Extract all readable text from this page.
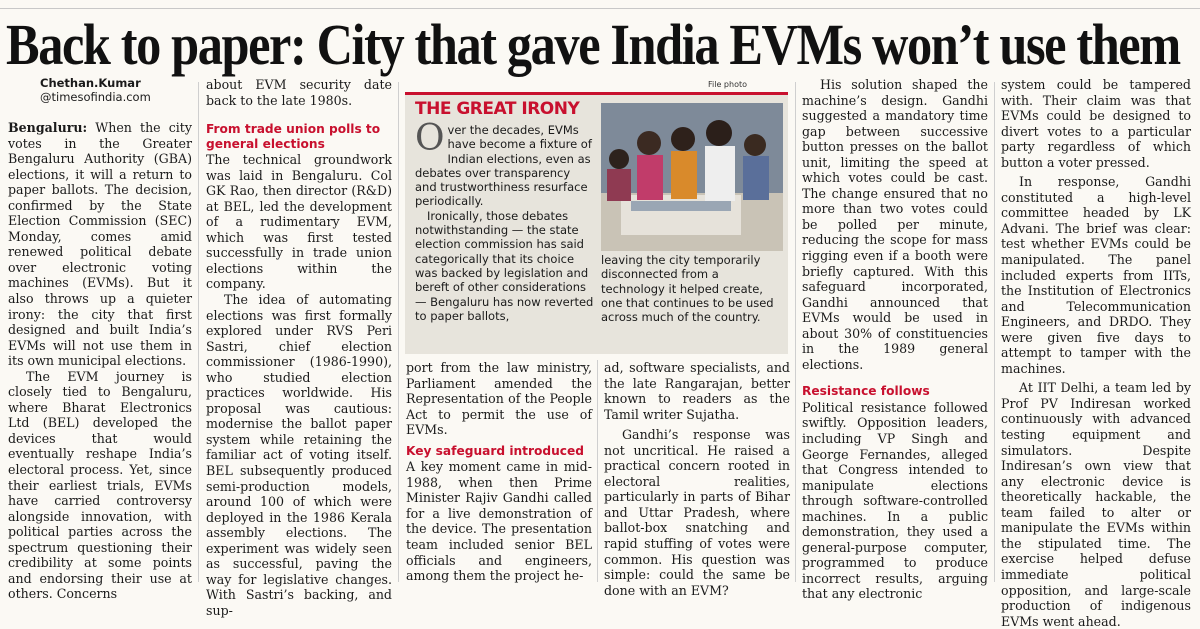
Back to paper: City that gave India EVMs won’t use them
Chethan.Kumar
@timesofindia.com

Bengaluru: When the city votes in the Greater Bengaluru Authority (GBA) elections, it will a return to paper ballots. The decision, confirmed by the State Election Commission (SEC) Monday, comes amid renewed political debate over electronic voting machines (EVMs). But it also throws up a quieter irony: the city that first designed and built India’s EVMs will not use them in its own municipal elections.

The EVM journey is closely tied to Bengaluru, where Bharat Electronics Ltd (BEL) developed the devices that would eventually reshape India’s electoral process. Yet, since their earliest trials, EVMs have carried controversy alongside innovation, with political parties across the spectrum questioning their credibility at some points and endorsing their use at others. Concerns

about EVM security date back to the late 1980s.

From trade union polls to general elections

The technical groundwork was laid in Bengaluru. Col GK Rao, then director (R&D) at BEL, led the development of a rudimentary EVM, which was first tested successfully in trade union elections within the company.

The idea of automating elections was first formally explored under RVS Peri Sastri, chief election commissioner (1986-1990), who studied election practices worldwide. His proposal was cautious: modernise the ballot paper system while retaining the familiar act of voting itself. BEL subsequently produced semi-production models, around 100 of which were deployed in the 1986 Kerala assembly elections. The experiment was widely seen as successful, paving the way for legislative changes. With Sastri’s backing, and sup-

File photo
THE GREAT IRONY

Over the decades, EVMs have become a fixture of Indian elections, even as debates over transparency and trustworthiness resurface periodically.

Ironically, those debates notwithstanding — the state election commission has said categorically that its choice was backed by legislation and bereft of other considerations — Bengaluru has now reverted to paper ballots,

leaving the city temporarily disconnected from a technology it helped create, one that continues to be used across much of the country.

port from the law ministry, Parliament amended the Representation of the People Act to permit the use of EVMs.

Key safeguard introduced

A key moment came in mid-1988, when then Prime Minister Rajiv Gandhi called for a live demonstration of the device. The presentation team included senior BEL officials and engineers, among them the project he-

ad, software specialists, and the late Rangarajan, better known to readers as the Tamil writer Sujatha.

Gandhi’s response was not uncritical. He raised a practical concern rooted in electoral realities, particularly in parts of Bihar and Uttar Pradesh, where ballot-box snatching and rapid stuffing of votes were common. His question was simple: could the same be done with an EVM?

His solution shaped the machine’s design. Gandhi suggested a mandatory time gap between successive button presses on the ballot unit, limiting the speed at which votes could be cast. The change ensured that no more than two votes could be polled per minute, reducing the scope for mass rigging even if a booth were briefly captured. With this safeguard incorporated, Gandhi announced that EVMs would be used in about 30% of constituencies in the 1989 general elections.

Resistance follows

Political resistance followed swiftly. Opposition leaders, including VP Singh and George Fernandes, alleged that Congress intended to manipulate elections through software-controlled machines. In a public demonstration, they used a general-purpose computer, programmed to produce incorrect results, arguing that any electronic

system could be tampered with. Their claim was that EVMs could be designed to divert votes to a particular party regardless of which button a voter pressed.

In response, Gandhi constituted a high-level committee headed by LK Advani. The brief was clear: test whether EVMs could be manipulated. The panel included experts from IITs, the Institution of Electronics and Telecommunication Engineers, and DRDO. They were given five days to attempt to tamper with the machines.

At IIT Delhi, a team led by Prof PV Indiresan worked continuously with advanced testing equipment and simulators. Despite Indiresan’s own view that any electronic device is theoretically hackable, the team failed to alter or manipulate the EVMs within the stipulated time. The exercise helped defuse immediate political opposition, and large-scale production of indigenous EVMs went ahead.
